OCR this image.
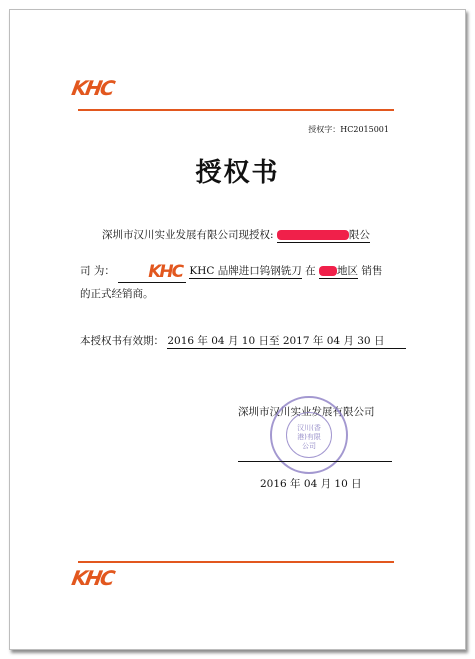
KHC
授权字：HC2015001
授权书
深圳市汉川实业发展有限公司现授权:	限公
司 为： KHC KHC 品牌进口钨钢铣刀 在 地区 销售
的正式经销商。
本授权书有效期： 2016 年 04 月 10 日至 2017 年 04 月 30 日
深圳市汉川实业发展有限公司
汉川(香港)有限公司
2016 年 04 月 10 日
KHC
